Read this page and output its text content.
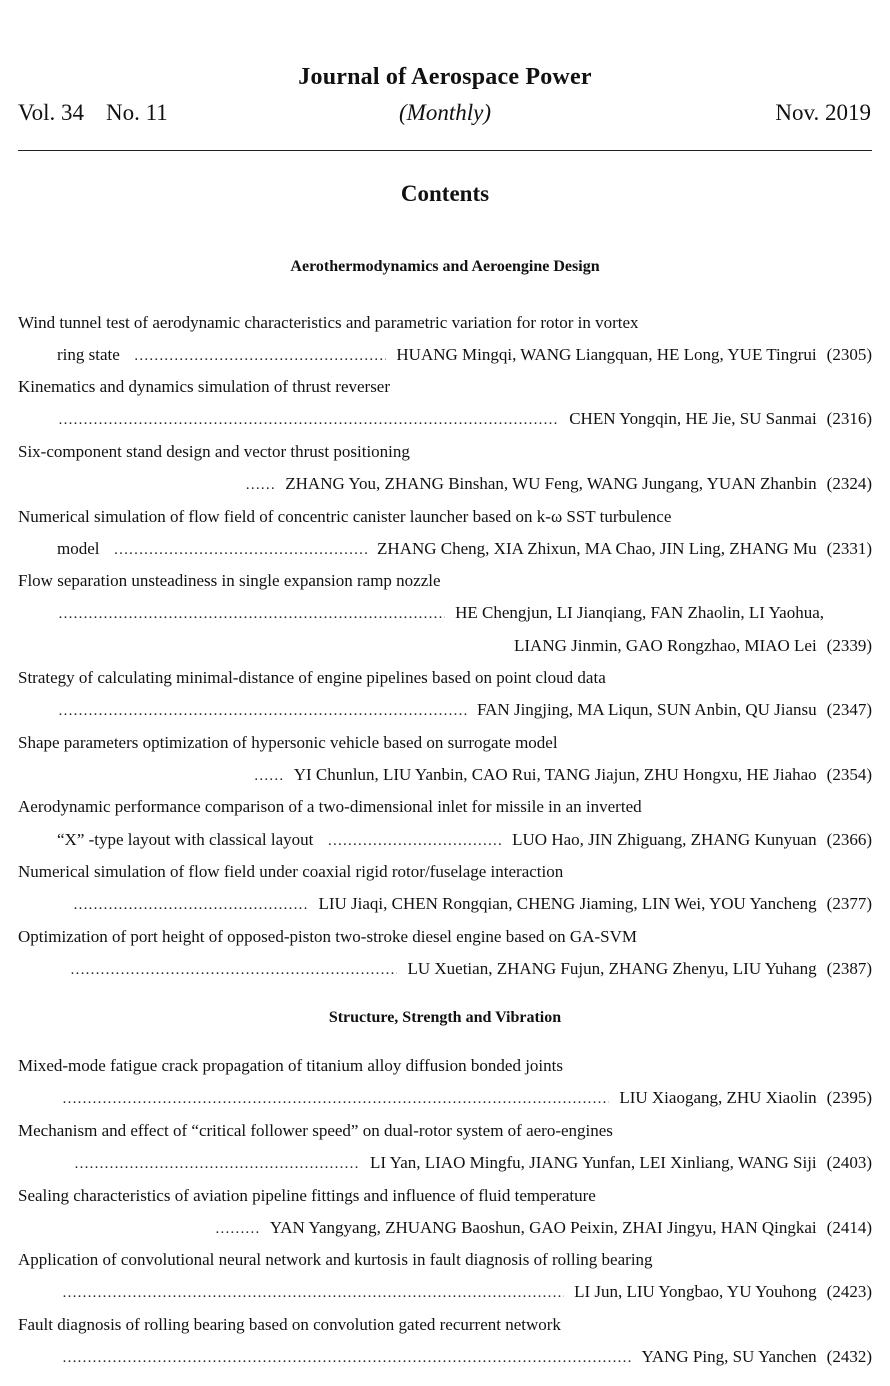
Journal of Aerospace Power
Vol. 34 No. 11	(Monthly)	Nov. 2019
Contents
Aerothermodynamics and Aeroengine Design
Wind tunnel test of aerodynamic characteristics and parametric variation for rotor in vortex
ring state …………………………………………………………………………………………………………………………………………………………………………………………………………	HUANG Mingqi, WANG Liangquan, HE Long, YUE Tingrui (2305)
Kinematics and dynamics simulation of thrust reverser
…………………………………………………………………………………………………………………………………………………………………………………………………………
CHEN Yongqin, HE Jie, SU Sanmai (2316)
Six-component stand design and vector thrust positioning
…… ZHANG You, ZHANG Binshan, WU Feng, WANG Jungang, YUAN Zhanbin (2324)
Numerical simulation of flow field of concentric canister launcher based on k-ω SST turbulence
model …………………………………………………………………………………………………………………………………………………………………………………………………………	ZHANG Cheng, XIA Zhixun, MA Chao, JIN Ling, ZHANG Mu (2331)
Flow separation unsteadiness in single expansion ramp nozzle
…………………………………………………………………………………………………………………………………………………………………………………………………………
HE Chengjun, LI Jianqiang, FAN Zhaolin, LI Yaohua,
LIANG Jinmin, GAO Rongzhao, MIAO Lei (2339)
Strategy of calculating minimal-distance of engine pipelines based on point cloud data
…………………………………………………………………………………………………………………………………………………………………………………………………………
FAN Jingjing, MA Liqun, SUN Anbin, QU Jiansu (2347)
Shape parameters optimization of hypersonic vehicle based on surrogate model
…… YI Chunlun, LIU Yanbin, CAO Rui, TANG Jiajun, ZHU Hongxu, HE Jiahao (2354)
Aerodynamic performance comparison of a two-dimensional inlet for missile in an inverted
“X” -type layout with classical layout …………………………………………………………………………………………………………………………………………………………………………………………………………	LUO Hao, JIN Zhiguang, ZHANG Kunyuan (2366)
Numerical simulation of flow field under coaxial rigid rotor/fuselage interaction
…………………………………………………………………………………………………………………………………………………………………………………………………………
LIU Jiaqi, CHEN Rongqian, CHENG Jiaming, LIN Wei, YOU Yancheng (2377)
Optimization of port height of opposed-piston two-stroke diesel engine based on GA-SVM
…………………………………………………………………………………………………………………………………………………………………………………………………………
LU Xuetian, ZHANG Fujun, ZHANG Zhenyu, LIU Yuhang (2387)
Structure, Strength and Vibration
Mixed-mode fatigue crack propagation of titanium alloy diffusion bonded joints
…………………………………………………………………………………………………………………………………………………………………………………………………………
LIU Xiaogang, ZHU Xiaolin (2395)
Mechanism and effect of “critical follower speed” on dual-rotor system of aero-engines
…………………………………………………………………………………………………………………………………………………………………………………………………………
LI Yan, LIAO Mingfu, JIANG Yunfan, LEI Xinliang, WANG Siji (2403)
Sealing characteristics of aviation pipeline fittings and influence of fluid temperature
……… YAN Yangyang, ZHUANG Baoshun, GAO Peixin, ZHAI Jingyu, HAN Qingkai (2414)
Application of convolutional neural network and kurtosis in fault diagnosis of rolling bearing
…………………………………………………………………………………………………………………………………………………………………………………………………………
LI Jun, LIU Yongbao, YU Youhong (2423)
Fault diagnosis of rolling bearing based on convolution gated recurrent network
…………………………………………………………………………………………………………………………………………………………………………………………………………
YANG Ping, SU Yanchen (2432)
